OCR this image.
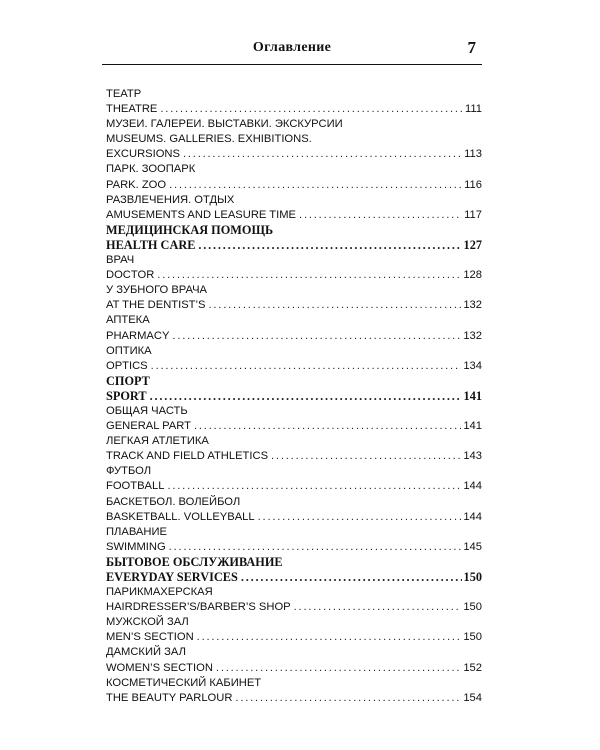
Оглавление	7
ТЕАТР
THEATRE .....	111
МУЗЕИ. ГАЛЕРЕИ. ВЫСТАВКИ. ЭКСКУРСИИ
MUSEUMS. GALLERIES. EXHIBITIONS.
EXCURSIONS .....	113
ПАРК. ЗООПАРК
PARK. ZOO .....	116
РАЗВЛЕЧЕНИЯ. ОТДЫХ
AMUSEMENTS AND LEASURE TIME .....	117
МЕДИЦИНСКАЯ ПОМОЩЬ
HEALTH CARE .....	127
ВРАЧ
DOCTOR .....	128
У ЗУБНОГО ВРАЧА
AT THE DENTIST’S .....	132
АПТЕКА
PHARMACY .....	132
ОПТИКА
OPTICS .....	134
СПОРТ
SPORT .....	141
ОБЩАЯ ЧАСТЬ
GENERAL PART .....	141
ЛЕГКАЯ АТЛЕТИКА
TRACK AND FIELD ATHLETICS .....	143
ФУТБОЛ
FOOTBALL .....	144
БАСКЕТБОЛ. ВОЛЕЙБОЛ
BASKETBALL. VOLLEYBALL .....	144
ПЛАВАНИЕ
SWIMMING .....	145
БЫТОВОЕ ОБСЛУЖИВАНИЕ
EVERYDAY SERVICES .....	150
ПАРИКМАХЕРСКАЯ
HAIRDRESSER’S/BARBER’S SHOP .....	150
МУЖСКОЙ ЗАЛ
MEN’S SECTION .....	150
ДАМСКИЙ ЗАЛ
WOMEN’S SECTION .....	152
КОСМЕТИЧЕСКИЙ КАБИНЕТ
THE BEAUTY PARLOUR .....	154
